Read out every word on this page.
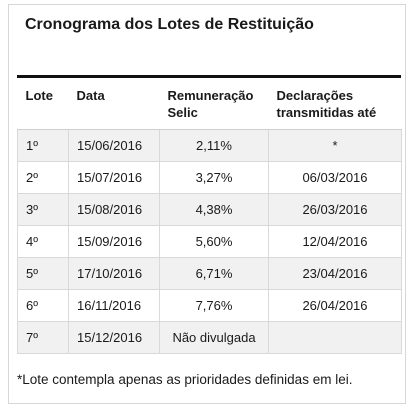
Cronograma dos Lotes de Restituição
Lote	Data	Remuneração Selic	Declarações transmitidas até
1º	15/06/2016	2,11%	*
2º	15/07/2016	3,27%	06/03/2016
3º	15/08/2016	4,38%	26/03/2016
4º	15/09/2016	5,60%	12/04/2016
5º	17/10/2016	6,71%	23/04/2016
6º	16/11/2016	7,76%	26/04/2016
7º	15/12/2016	Não divulgada	
*Lote contempla apenas as prioridades definidas em lei.
